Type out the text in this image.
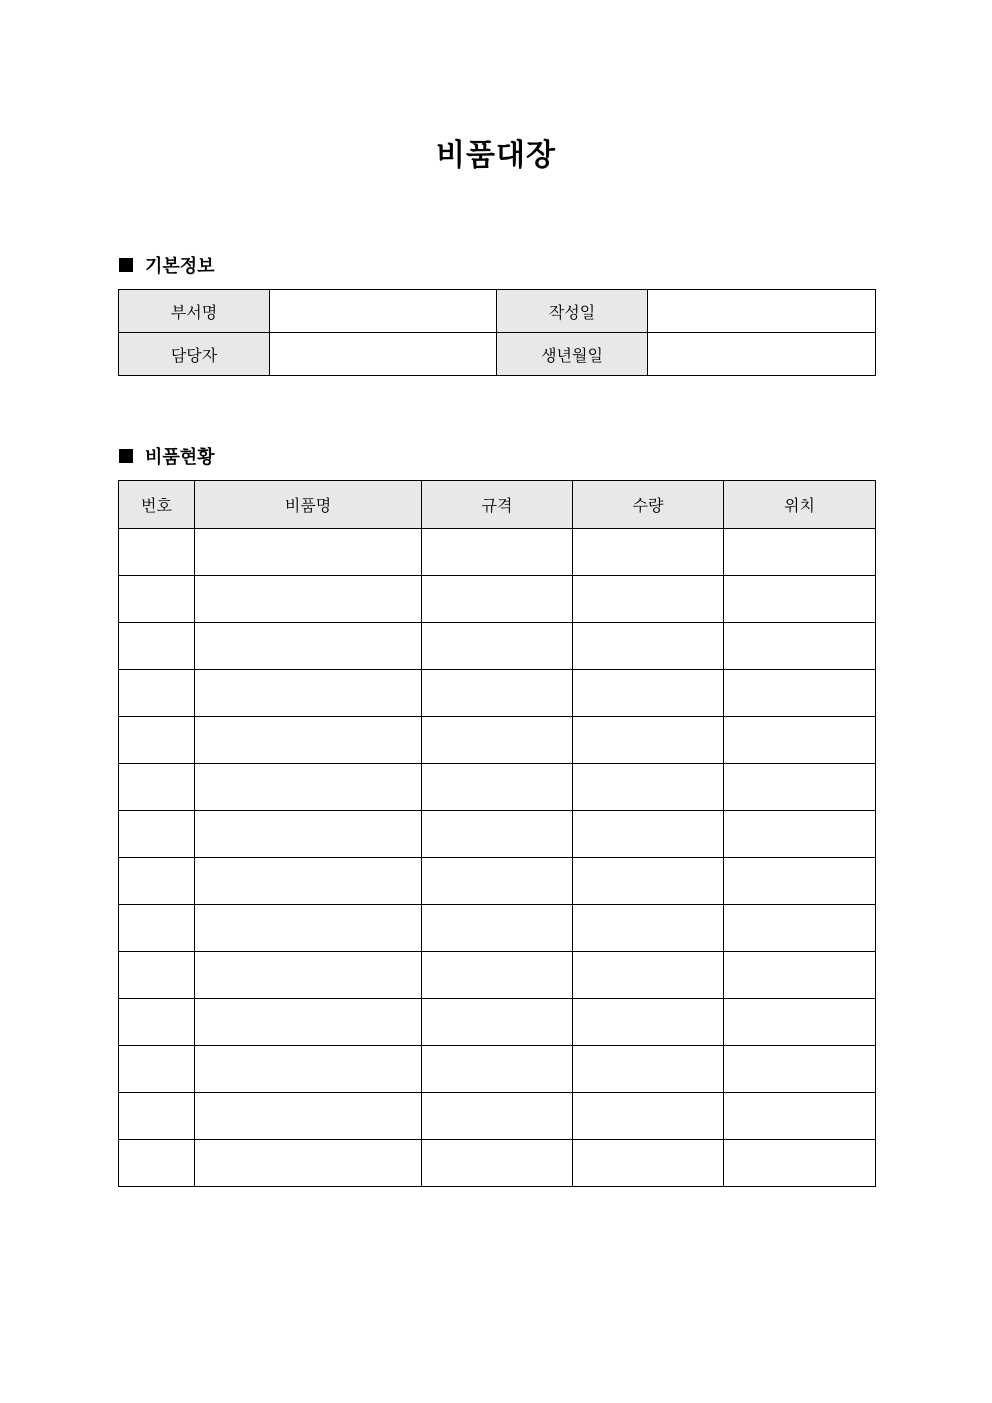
비품대장
기본정보
부서명		작성일	
담당자		생년월일	
비품현황
번호	비품명	규격	수량	위치
